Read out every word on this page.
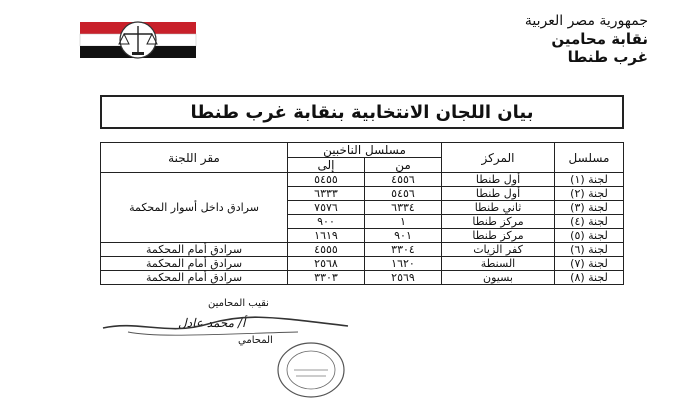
جمهورية مصر العربية
نقابة محامين
غرب طنطا
بيان اللجان الانتخابية بنقابة غرب طنطا
مسلسل	المركز	مسلسل الناخبين		مقر اللجنة
		من	إلى	
لجنة (١)	أول طنطا	٤٥٥٦	٥٤٥٥	سرادق داخل أسوار المحكمة
لجنة (٢)	أول طنطا	٥٤٥٦	٦٣٣٣	
لجنة (٣)	ثاني طنطا	٦٣٣٤	٧٥٧٦	
لجنة (٤)	مركز طنطا	١	٩٠٠	
لجنة (٥)	مركز طنطا	٩٠١	١٦١٩	
لجنة (٦)	كفر الزيات	٣٣٠٤	٤٥٥٥	سرادق أمام المحكمة
لجنة (٧)	السنطة	١٦٢٠	٢٥٦٨	سرادق أمام المحكمة
لجنة (٨)	بسيون	٢٥٦٩	٣٣٠٣	سرادق أمام المحكمة
نقيب المحامين
أ/ محمد عادل
المحامي
